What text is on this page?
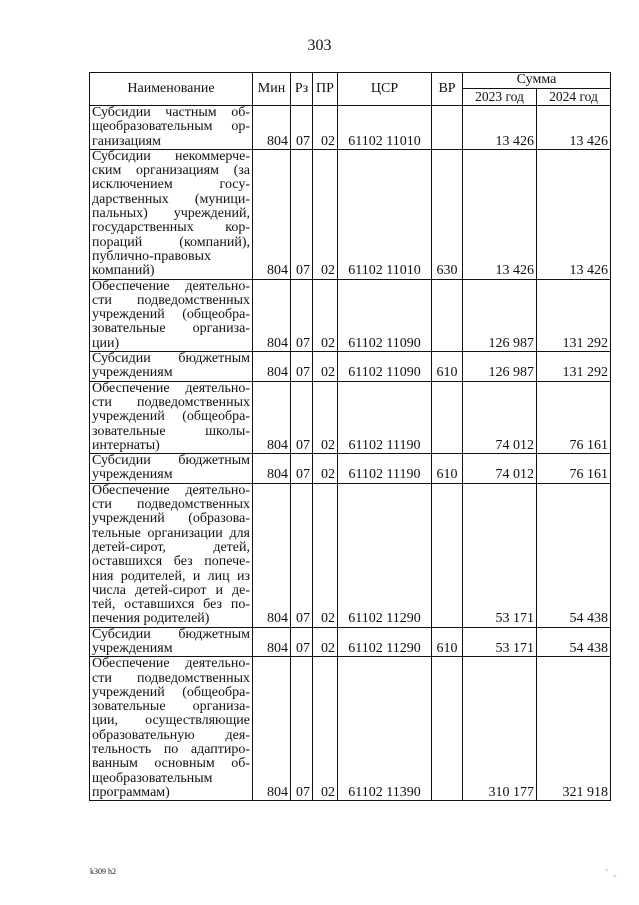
303
Наименование	Мин	Рз	ПР	ЦСР	ВР	Сумма	
						2023 год	2024 год
Субсидии частным об-щеобразовательным ор-ганизациям	804	07	02	61102 11010		13 426	13 426
Субсидии некоммерче-ским организациям (за исключением госу-дарственных (муници-пальных) учреждений, государственных кор-пораций (компаний), публично-правовых компаний)	804	07	02	61102 11010	630	13 426	13 426
Обеспечение деятельно-сти подведомственных учреждений (общеобра-зовательные организа-ции)	804	07	02	61102 11090		126 987	131 292
Субсидии бюджетным учреждениям	804	07	02	61102 11090	610	126 987	131 292
Обеспечение деятельно-сти подведомственных учреждений (общеобра-зовательные школы-интернаты)	804	07	02	61102 11190		74 012	76 161
Субсидии бюджетным учреждениям	804	07	02	61102 11190	610	74 012	76 161
Обеспечение деятельно-сти подведомственных учреждений (образова-тельные организации для детей-сирот, детей, оставшихся без попече-ния родителей, и лиц из числа детей-сирот и де-тей, оставшихся без по-печения родителей)	804	07	02	61102 11290		53 171	54 438
Субсидии бюджетным учреждениям	804	07	02	61102 11290	610	53 171	54 438
Обеспечение деятельно-сти подведомственных учреждений (общеобра-зовательные организа-ции, осуществляющие образовательную дея-тельность по адаптиро-ванным основным об-щеобразовательным программам)	804	07	02	61102 11390		310 177	321 918
k309 h2
